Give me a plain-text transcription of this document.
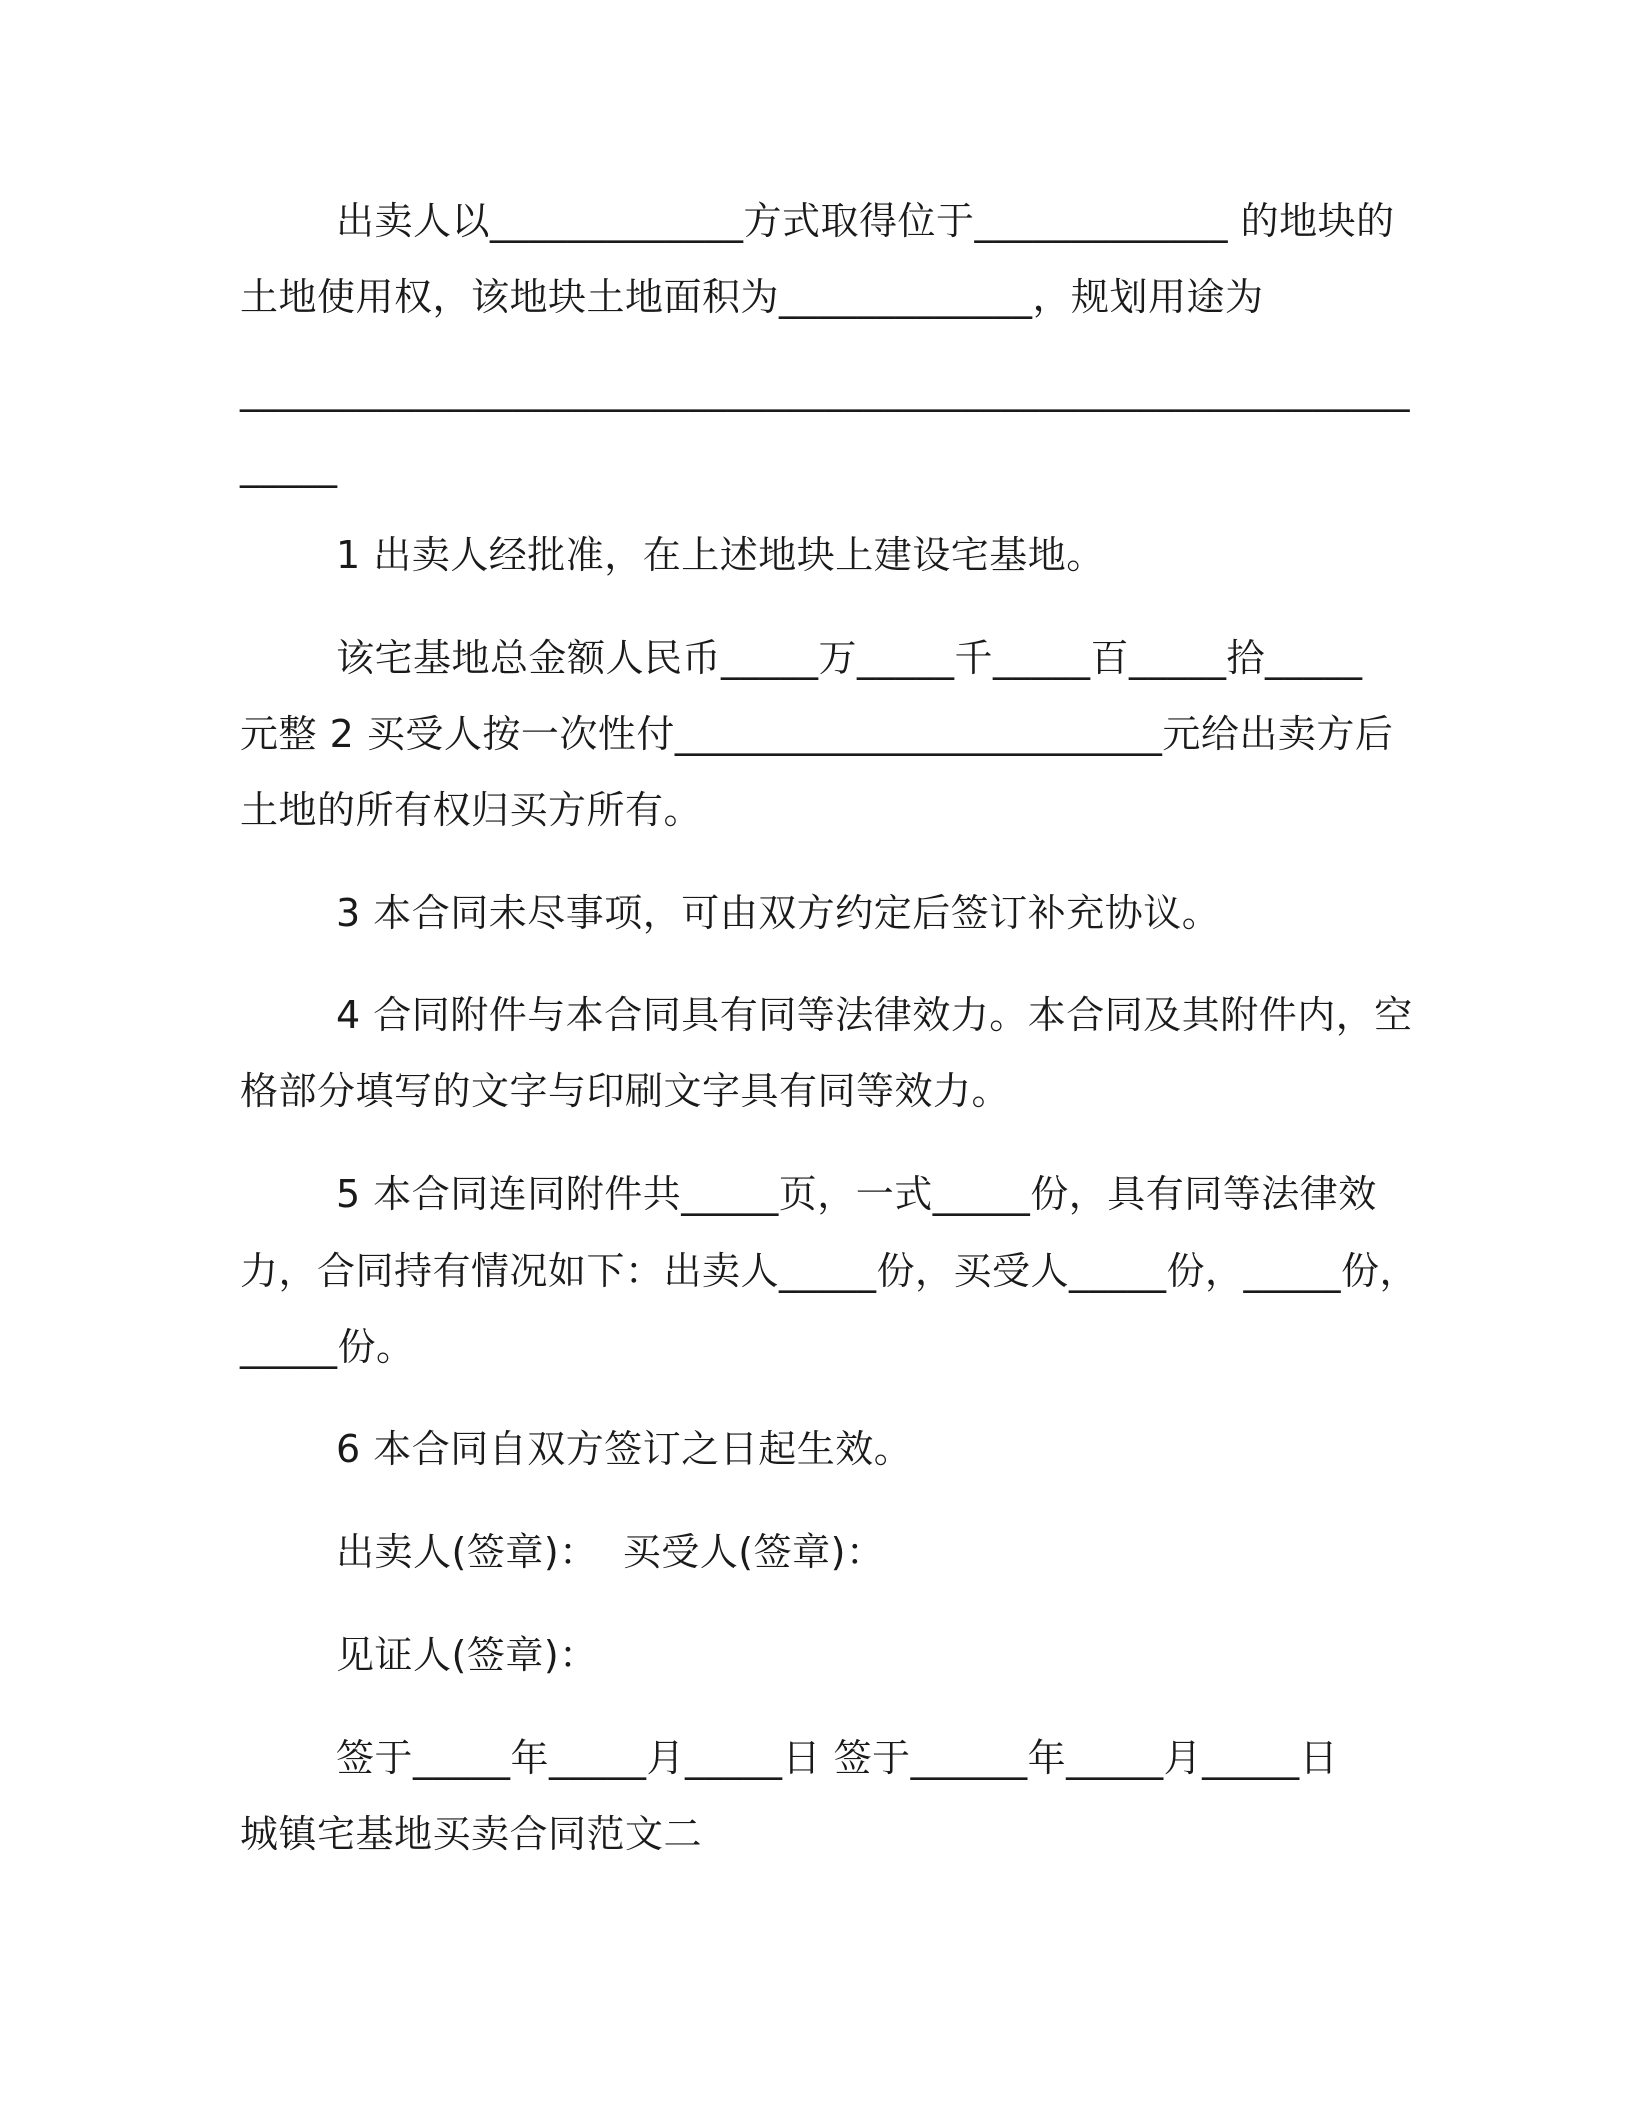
出卖人以_____________方式取得位于_____________ 的地块的
土地使用权，该地块土地面积为_____________，规划用途为
____________________________________________________________
_____
1 出卖人经批准，在上述地块上建设宅基地。
该宅基地总金额人民币_____万_____千_____百_____拾_____
元整 2 买受人按一次性付_________________________元给出卖方后
土地的所有权归买方所有。
3 本合同未尽事项，可由双方约定后签订补充协议。
4 合同附件与本合同具有同等法律效力。本合同及其附件内，空
格部分填写的文字与印刷文字具有同等效力。
5 本合同连同附件共_____页，一式_____份，具有同等法律效
力，合同持有情况如下：出卖人_____份，买受人_____份，_____份，
_____份。
6 本合同自双方签订之日起生效。
出卖人(签章)：  买受人(签章)：
见证人(签章)：
签于_____年_____月_____日 签于______年_____月_____日
城镇宅基地买卖合同范文二
